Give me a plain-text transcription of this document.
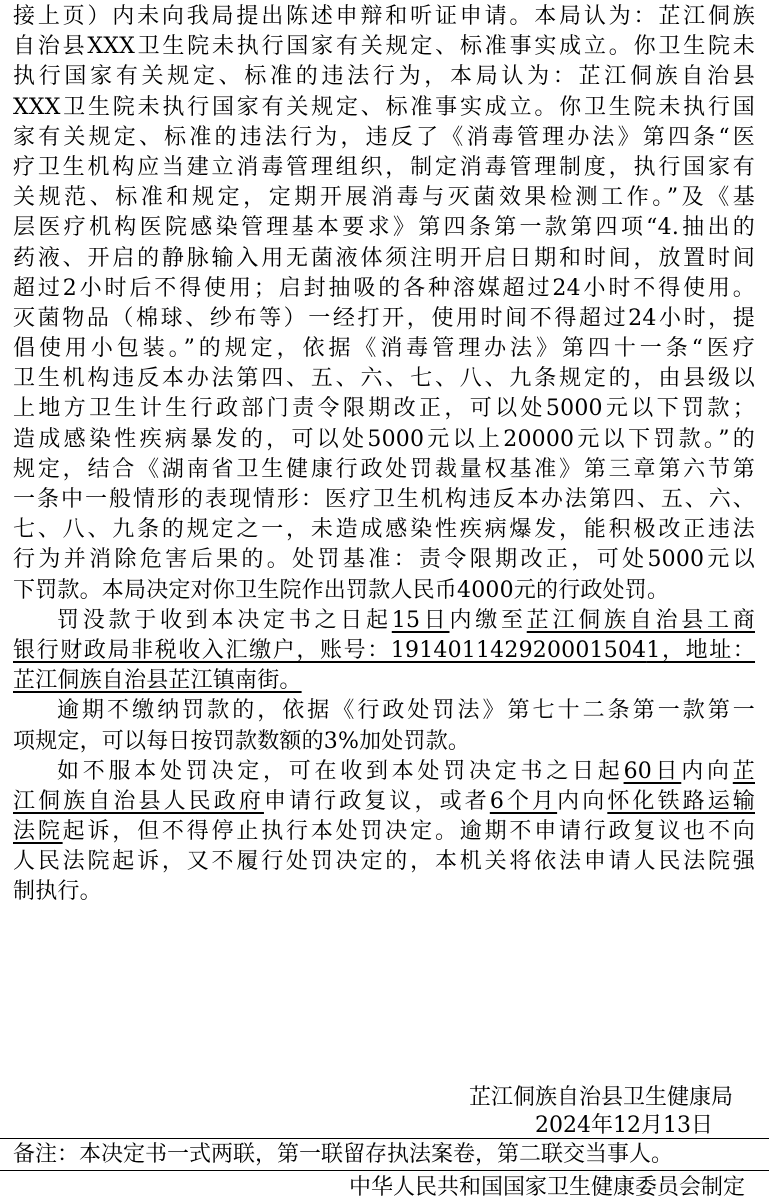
接上页）内未向我局提出陈述申辩和听证申请。本局认为：芷江侗族
自治县XXX卫生院未执行国家有关规定、标准事实成立。你卫生院未
执行国家有关规定、标准的违法行为，本局认为：芷江侗族自治县
XXX卫生院未执行国家有关规定、标准事实成立。你卫生院未执行国
家有关规定、标准的违法行为，违反了《消毒管理办法》第四条“医
疗卫生机构应当建立消毒管理组织，制定消毒管理制度，执行国家有
关规范、标准和规定，定期开展消毒与灭菌效果检测工作。”及《基
层医疗机构医院感染管理基本要求》第四条第一款第四项“4.抽出的
药液、开启的静脉输入用无菌液体须注明开启日期和时间，放置时间
超过2小时后不得使用；启封抽吸的各种溶媒超过24小时不得使用。
灭菌物品（棉球、纱布等）一经打开，使用时间不得超过24小时，提
倡使用小包装。”的规定，依据《消毒管理办法》第四十一条“医疗
卫生机构违反本办法第四、五、六、七、八、九条规定的，由县级以
上地方卫生计生行政部门责令限期改正，可以处5000元以下罚款；
造成感染性疾病暴发的，可以处5000元以上20000元以下罚款。”的
规定，结合《湖南省卫生健康行政处罚裁量权基准》第三章第六节第
一条中一般情形的表现情形：医疗卫生机构违反本办法第四、五、六、
七、八、九条的规定之一，未造成感染性疾病爆发，能积极改正违法
行为并消除危害后果的。处罚基准：责令限期改正，可处5000元以
下罚款。本局决定对你卫生院作出罚款人民币4000元的行政处罚。
罚没款于收到本决定书之日起15日内缴至芷江侗族自治县工商
银行财政局非税收入汇缴户，账号：1914011429200015041，地址：
芷江侗族自治县芷江镇南街。
逾期不缴纳罚款的，依据《行政处罚法》第七十二条第一款第一
项规定，可以每日按罚款数额的3%加处罚款。
如不服本处罚决定，可在收到本处罚决定书之日起60日内向芷
江侗族自治县人民政府申请行政复议，或者6个月内向怀化铁路运输
法院起诉，但不得停止执行本处罚决定。逾期不申请行政复议也不向
人民法院起诉，又不履行处罚决定的，本机关将依法申请人民法院强
制执行。
芷江侗族自治县卫生健康局
2024年12月13日
备注：本决定书一式两联，第一联留存执法案卷，第二联交当事人。
中华人民共和国国家卫生健康委员会制定
